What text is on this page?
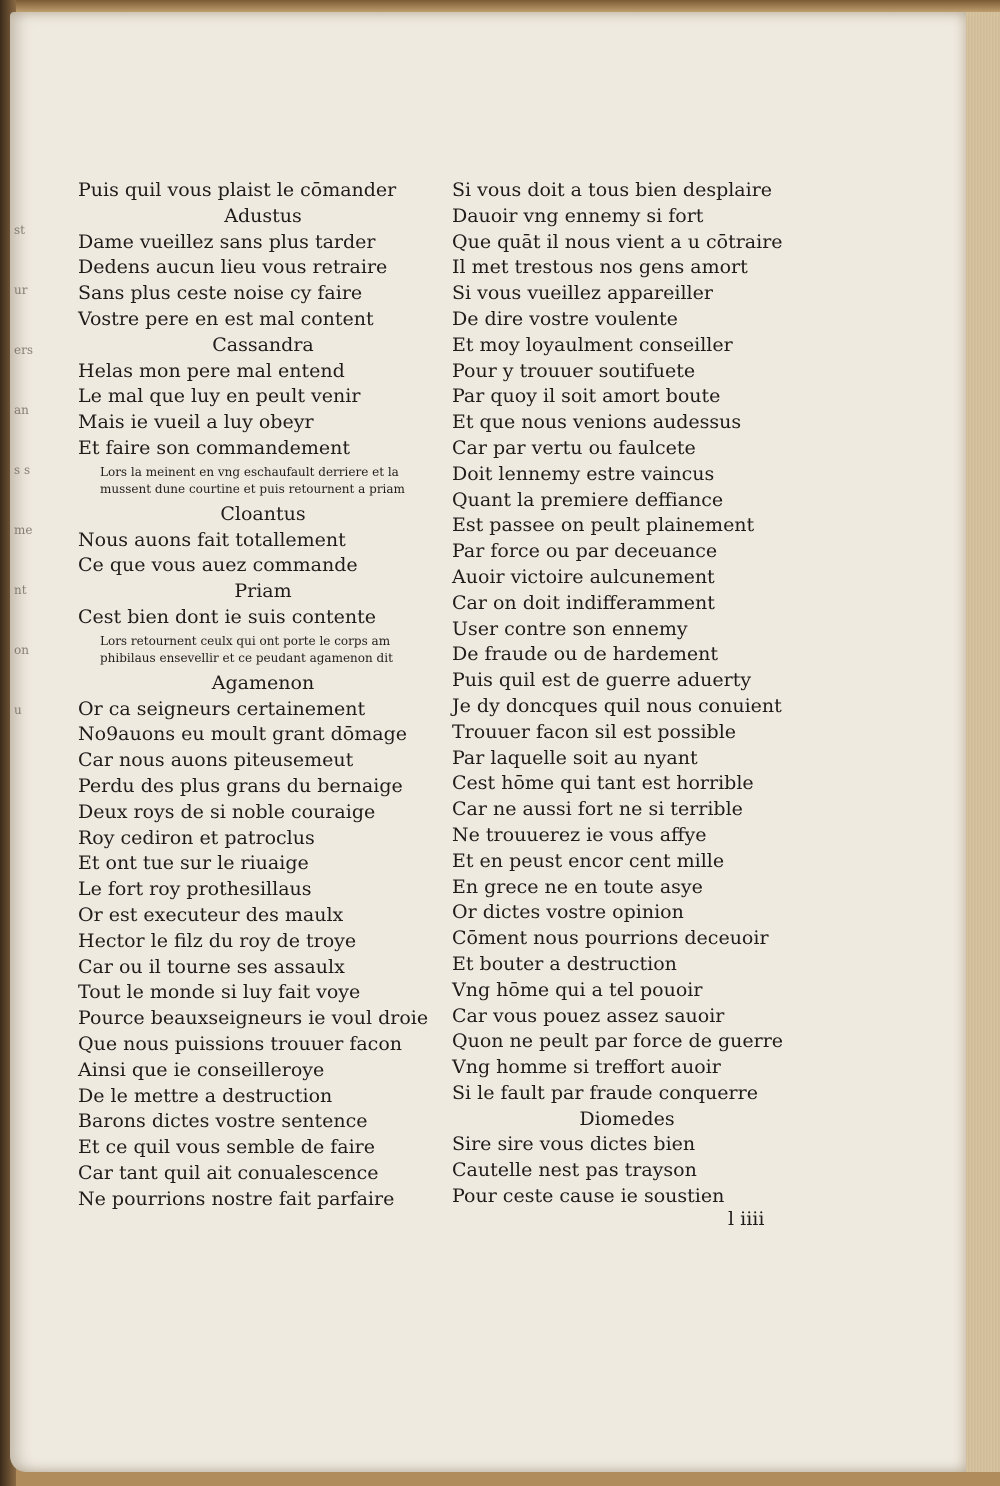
st ur ers ans s me nt on u
Puis quil vous plaist le cōmander
Adustus
Dame vueillez sans plus tarder
Dedens aucun lieu vous retraire
Sans plus ceste noise cy faire
Vostre pere en est mal content
Cassandra
Helas mon pere mal entend
Le mal que luy en peult venir
Mais ie vueil a luy obeyr
Et faire son commandement
Lors la meinent en vng eschaufault derriere et la
mussent dune courtine et puis retournent a priam
Cloantus
Nous auons fait totallement
Ce que vous auez commande
Priam
Cest bien dont ie suis contente
Lors retournent ceulx qui ont porte le corps am
phibilaus ensevellir et ce peudant agamenon dit
Agamenon
Or ca seigneurs certainement
No9auons eu moult grant dōmage
Car nous auons piteusemeut
Perdu des plus grans du bernaige
Deux roys de si noble couraige
Roy cediron et patroclus
Et ont tue sur le riuaige
Le fort roy prothesillaus
Or est executeur des maulx
Hector le filz du roy de troye
Car ou il tourne ses assaulx
Tout le monde si luy fait voye
Pource beauxseigneurs ie voul droie
Que nous puissions trouuer facon
Ainsi que ie conseilleroye
De le mettre a destruction
Barons dictes vostre sentence
Et ce quil vous semble de faire
Car tant quil ait conualescence
Ne pourrions nostre fait parfaire
Si vous doit a tous bien desplaire
Dauoir vng ennemy si fort
Que quāt il nous vient a u cōtraire
Il met trestous nos gens amort
Si vous vueillez appareiller
De dire vostre voulente
Et moy loyaulment conseiller
Pour y trouuer soutifuete
Par quoy il soit amort boute
Et que nous venions audessus
Car par vertu ou faulcete
Doit lennemy estre vaincus
Quant la premiere deffiance
Est passee on peult plainement
Par force ou par deceuance
Auoir victoire aulcunement
Car on doit indifferamment
User contre son ennemy
De fraude ou de hardement
Puis quil est de guerre aduerty
Je dy doncques quil nous conuient
Trouuer facon sil est possible
Par laquelle soit au nyant
Cest hōme qui tant est horrible
Car ne aussi fort ne si terrible
Ne trouuerez ie vous affye
Et en peust encor cent mille
En grece ne en toute asye
Or dictes vostre opinion
Cōment nous pourrions deceuoir
Et bouter a destruction
Vng hōme qui a tel pouoir
Car vous pouez assez sauoir
Quon ne peult par force de guerre
Vng homme si treffort auoir
Si le fault par fraude conquerre
Diomedes
Sire sire vous dictes bien
Cautelle nest pas trayson
Pour ceste cause ie soustien
l iiii
